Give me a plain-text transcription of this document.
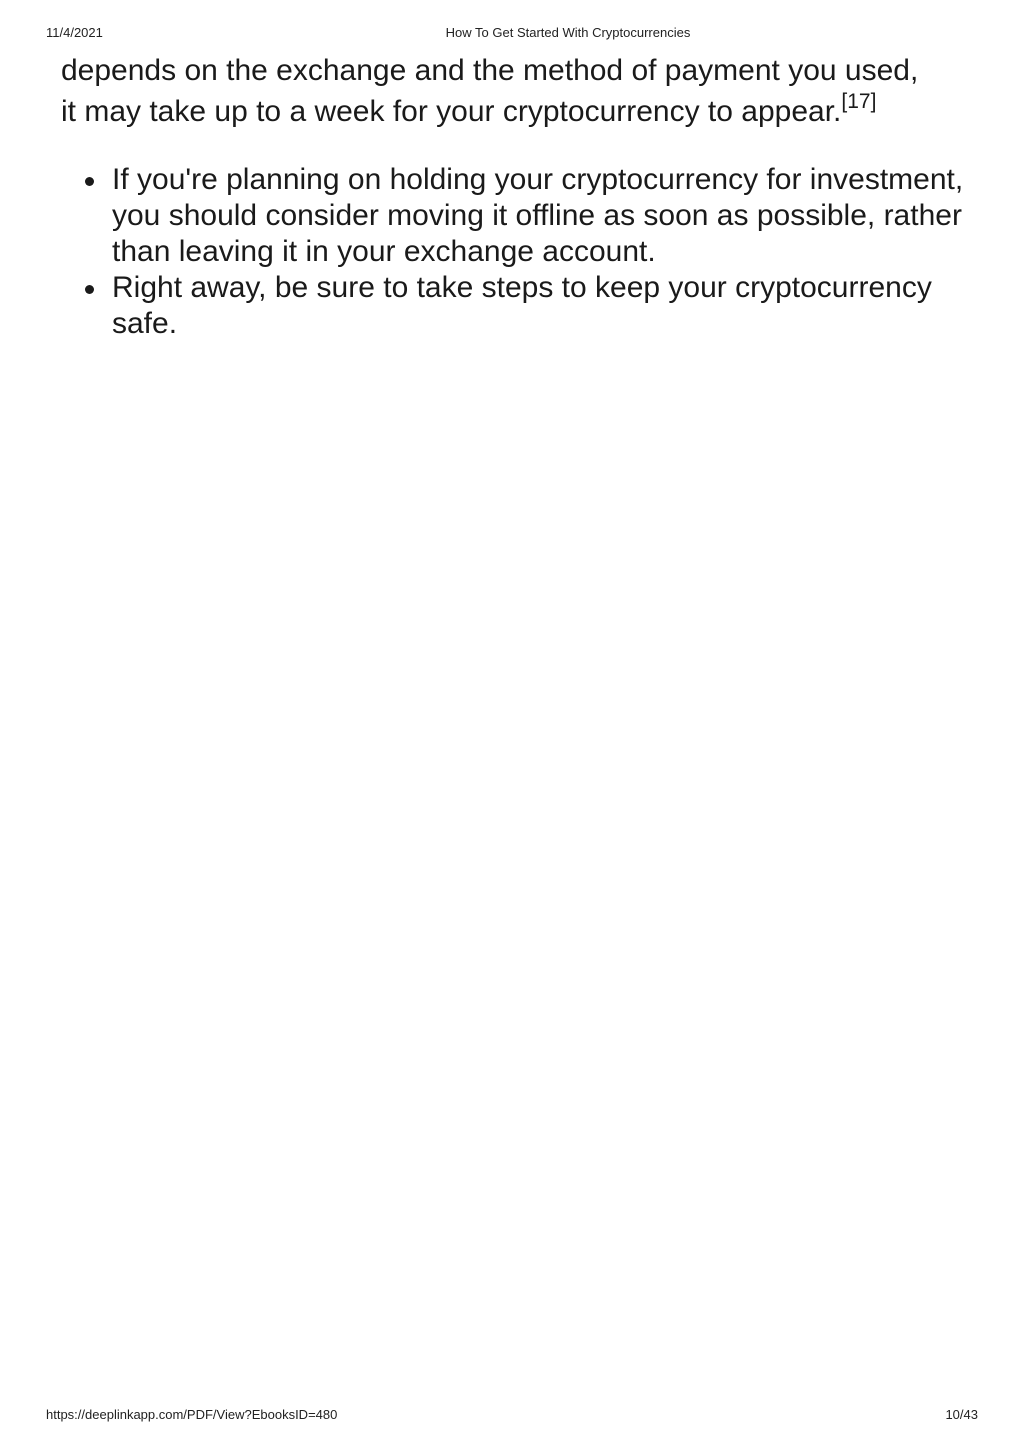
11/4/2021	How To Get Started With Cryptocurrencies

depends on the exchange and the method of payment you used,
it may take up to a week for your cryptocurrency to appear.[17]

If you're planning on holding your cryptocurrency for investment, you should consider moving it offline as soon as possible, rather than leaving it in your exchange account.
Right away, be sure to take steps to keep your cryptocurrency safe.
https://deeplinkapp.com/PDF/View?EbooksID=480	10/43
